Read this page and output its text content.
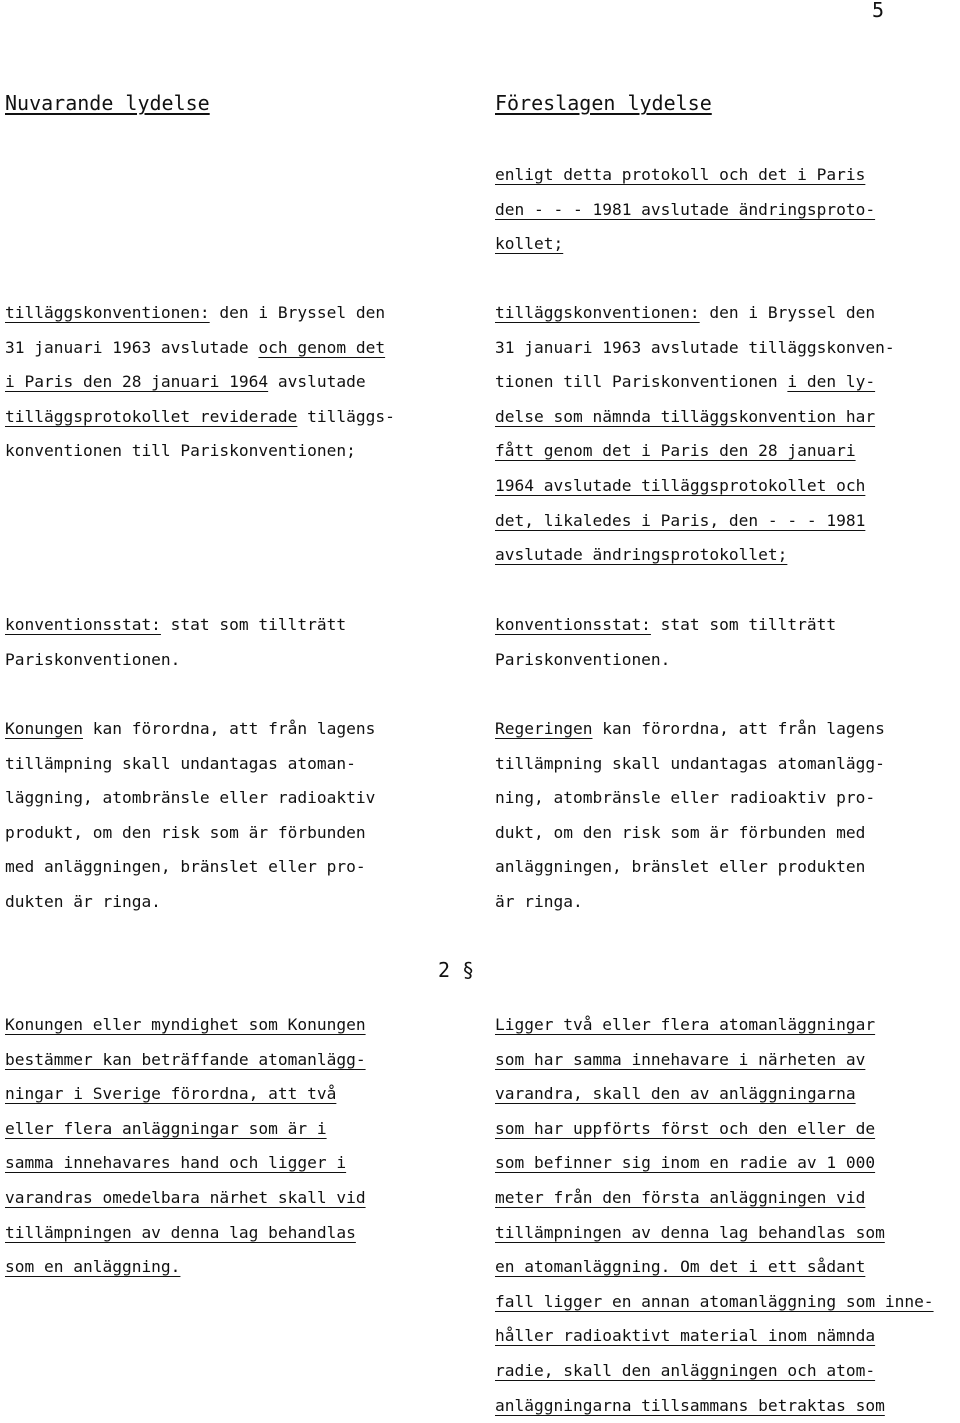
5
Nuvarande lydelse	Föreslagen lydelse
enligt detta protokoll och det i Paris
den - - - 1981 avslutade ändringsproto-
kollet;
tilläggskonventionen: den i Bryssel den
31 januari 1963 avslutade och genom det
i Paris den 28 januari 1964 avslutade
tilläggsprotokollet reviderade tilläggs-
konventionen till Pariskonventionen;
tilläggskonventionen: den i Bryssel den
31 januari 1963 avslutade tilläggskonven-
tionen till Pariskonventionen i den ly-
delse som nämnda tilläggskonvention har
fått genom det i Paris den 28 januari
1964 avslutade tilläggsprotokollet och
det, likaledes i Paris, den - - - 1981
avslutade ändringsprotokollet;
konventionsstat: stat som tillträtt
Pariskonventionen.
konventionsstat: stat som tillträtt
Pariskonventionen.
Konungen kan förordna, att från lagens
tillämpning skall undantagas atoman-
läggning, atombränsle eller radioaktiv
produkt, om den risk som är förbunden
med anläggningen, bränslet eller pro-
dukten är ringa.
Regeringen kan förordna, att från lagens
tillämpning skall undantagas atomanlägg-
ning, atombränsle eller radioaktiv pro-
dukt, om den risk som är förbunden med
anläggningen, bränslet eller produkten
är ringa.
2 §
Konungen eller myndighet som Konungen
bestämmer kan beträffande atomanlägg-
ningar i Sverige förordna, att två
eller flera anläggningar som är i
samma innehavares hand och ligger i
varandras omedelbara närhet skall vid
tillämpningen av denna lag behandlas
som en anläggning.
Ligger två eller flera atomanläggningar
som har samma innehavare i närheten av
varandra, skall den av anläggningarna
som har uppförts först och den eller de
som befinner sig inom en radie av 1 000
meter från den första anläggningen vid
tillämpningen av denna lag behandlas som
en atomanläggning. Om det i ett sådant
fall ligger en annan atomanläggning som inne-
håller radioaktivt material inom nämnda
radie, skall den anläggningen och atom-
anläggningarna tillsammans betraktas som
